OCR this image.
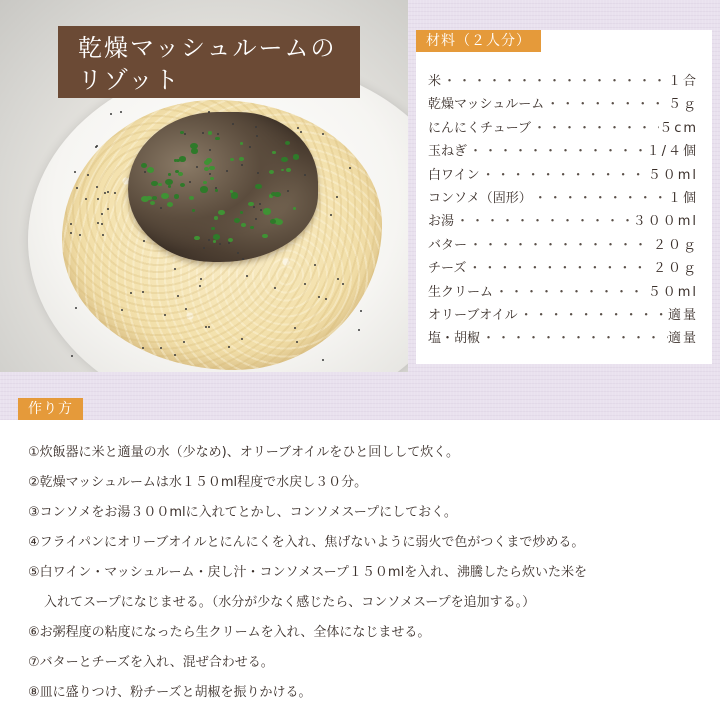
乾燥マッシュルームの
リゾット
材料（２人分）
米 ・・・・・・・・・・・・・・・・・・・・・・・・	１合
乾燥マッシュルーム ・・・・・・・・・・・・・・・・・・・・・・・・	５ｇ
にんにくチューブ ・・・・・・・・・・・・・・・・・・・・・・・・	５cm
玉ねぎ ・・・・・・・・・・・・・・・・・・・・・・・・	１/４個
白ワイン ・・・・・・・・・・・・・・・・・・・・・・・・	５０ml
コンソメ（固形） ・・・・・・・・・・・・・・・・・・・・・・・・	１個
お湯 ・・・・・・・・・・・・・・・・・・・・・・・・	３００ml
バター ・・・・・・・・・・・・・・・・・・・・・・・・	２０ｇ
チーズ ・・・・・・・・・・・・・・・・・・・・・・・・	２０ｇ
生クリーム ・・・・・・・・・・・・・・・・・・・・・・・・	５０ml
オリーブオイル ・・・・・・・・・・・・・・・・・・・・・・・・	適量
塩・胡椒 ・・・・・・・・・・・・・・・・・・・・・・・・	適量
作り方
①炊飯器に米と適量の水（少なめ)、オリーブオイルをひと回しして炊く。
②乾燥マッシュルームは水１５０ml程度で水戻し３０分。
③コンソメをお湯３００mlに入れてとかし、コンソメスープにしておく。
④フライパンにオリーブオイルとにんにくを入れ、焦げないように弱火で色がつくまで炒める。
⑤白ワイン・マッシュルーム・戻し汁・コンソメスープ１５０mlを入れ、沸騰したら炊いた米を
入れてスープになじませる。（水分が少なく感じたら、コンソメスープを追加する。）
⑥お粥程度の粘度になったら生クリームを入れ、全体になじませる。
⑦バターとチーズを入れ、混ぜ合わせる。
⑧皿に盛りつけ、粉チーズと胡椒を振りかける。
